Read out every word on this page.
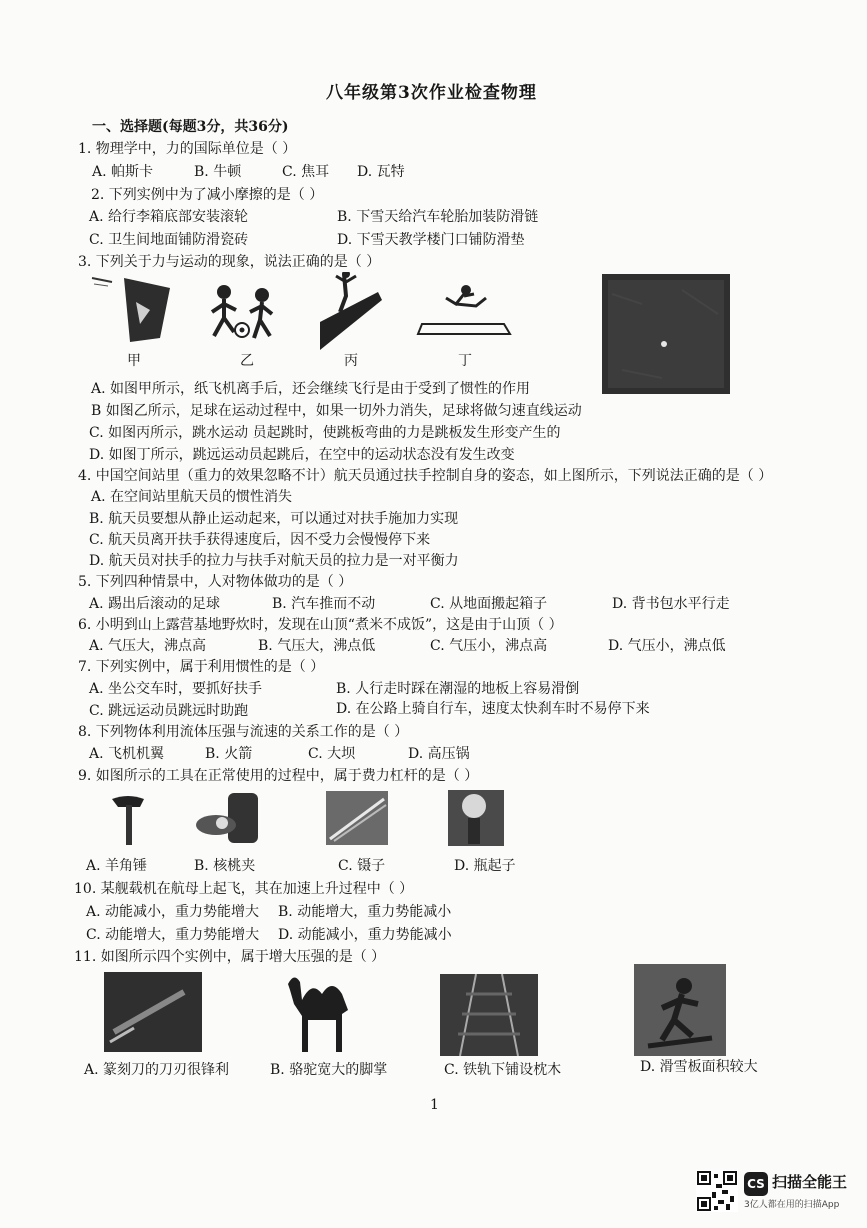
八年级第3次作业检查物理
一、选择题(每题3分，共36分)
1. 物理学中，力的国际单位是（ ）
A. 帕斯卡	B. 牛顿	C. 焦耳 D. 瓦特
2. 下列实例中为了减小摩擦的是（ ）
A. 给行李箱底部安装滚轮	B. 下雪天给汽车轮胎加装防滑链
C. 卫生间地面铺防滑瓷砖	D. 下雪天教学楼门口铺防滑垫
3. 下列关于力与运动的现象，说法正确的是（ ）
甲	乙	丙	丁
A. 如图甲所示，纸飞机离手后，还会继续飞行是由于受到了惯性的作用
B 如图乙所示，足球在运动过程中，如果一切外力消失，足球将做匀速直线运动
C. 如图丙所示，跳水运动 员起跳时，使跳板弯曲的力是跳板发生形变产生的
D. 如图丁所示，跳远运动员起跳后，在空中的运动状态没有发生改变
4. 中国空间站里（重力的效果忽略不计）航天员通过扶手控制自身的姿态，如上图所示，下列说法正确的是（ ）
A. 在空间站里航天员的惯性消失
B. 航天员要想从静止运动起来，可以通过对扶手施加力实现
C. 航天员离开扶手获得速度后，因不受力会慢慢停下来
D. 航天员对扶手的拉力与扶手对航天员的拉力是一对平衡力
5. 下列四种情景中，人对物体做功的是（ ）
A. 踢出后滚动的足球	B. 汽车推而不动	C. 从地面搬起箱子	D. 背书包水平行走
6. 小明到山上露营基地野炊时，发现在山顶“煮米不成饭”，这是由于山顶（ ）
A. 气压大，沸点高	B. 气压大，沸点低	C. 气压小，沸点高	D. 气压小，沸点低
7. 下列实例中，属于利用惯性的是（ ）
A. 坐公交车时，要抓好扶手	B. 人行走时踩在潮湿的地板上容易滑倒
C. 跳远运动员跳远时助跑	D. 在公路上骑自行车，速度太快刹车时不易停下来
8. 下列物体利用流体压强与流速的关系工作的是（ ）
A. 飞机机翼	B. 火箭	C. 大坝	D. 高压锅
9. 如图所示的工具在正常使用的过程中，属于费力杠杆的是（ ）
A. 羊角锤	B. 核桃夹	C. 镊子	D. 瓶起子
10. 某舰载机在航母上起飞，其在加速上升过程中（ ）
A. 动能减小，重力势能增大 B. 动能增大，重力势能减小
C. 动能增大，重力势能增大 D. 动能减小，重力势能减小
11. 如图所示四个实例中，属于增大压强的是（ ）
A. 篆刻刀的刀刃很锋利	B. 骆驼宽大的脚掌	C. 铁轨下铺设枕木	D. 滑雪板面积较大
1
CS 扫描全能王
3亿人都在用的扫描App
